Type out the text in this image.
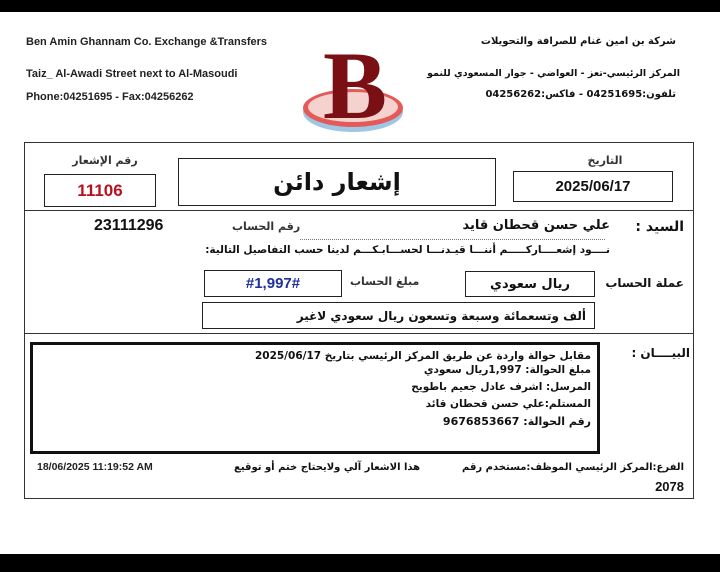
Ben Amin Ghannam Co. Exchange &Transfers
Taiz_ Al-Awadi Street next to Al-Masoudi
Phone:04251695 - Fax:04256262 B	شركة بن امين غنام للصرافة والتحويلات
المركز الرئيسي-تعز - العواضي - جوار المسعودي للنمو
تلفون:04251695 - فاكس:04256262
رقم الإشعار
11106	إشعار دائن
التاريخ
2025/06/17
السيد :
علي حسن قحطان قايد
رقم الحساب
23111296
نــــود إشعــــاركـــــم أننـــا قيـدنـــا لحســـابـكـــم لدينا حسب التفاصيل التالية:
عملة الحساب
ريال سعودي
مبلغ الحساب
#1,997#
ألف وتسعمائة وسبعة وتسعون ريال سعودي لاغير
البيــــان :
مقابل حوالة واردة عن طريق المركز الرئيسي بتاريخ 2025/06/17
مبلغ الحوالة: 1,997ريال سعودي
المرسل: اشرف عادل جعيم باطويح
المستلم:علي حسن قحطان قائد
رقم الحوالة: 9676853667
الفرع:المركز الرئيسي الموظف:مستخدم رقم
2078
هذا الاشعار آلي ولايحتاج ختم أو توقيع
18/06/2025 11:19:52 AM
